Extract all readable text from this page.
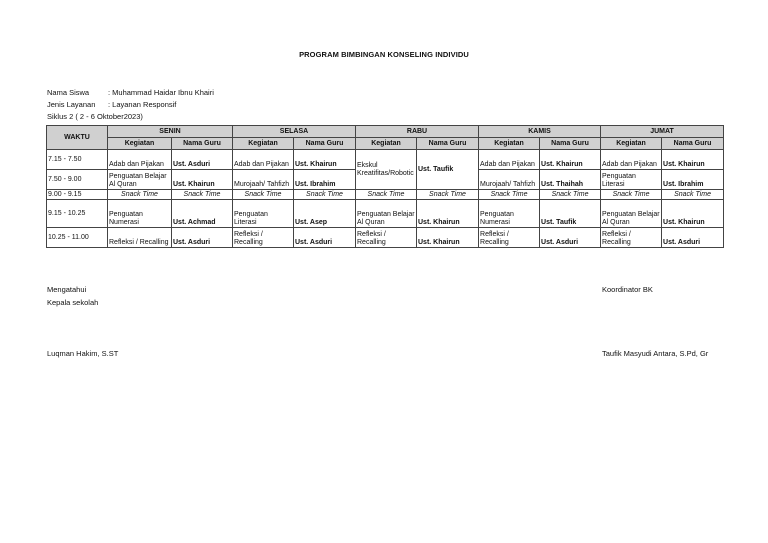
PROGRAM BIMBINGAN KONSELING INDIVIDU
Nama Siswa	: Muhammad Haidar Ibnu Khairi
Jenis Layanan : Layanan Responsif
Siklus 2 ( 2 - 6 Oktober2023)
WAKTU	SENIN		SELASA		RABU		KAMIS		JUMAT	
	Kegiatan	Nama Guru	Kegiatan	Nama Guru	Kegiatan	Nama Guru	Kegiatan	Nama Guru	Kegiatan	Nama Guru
7.15 - 7.50	Adab dan Pijakan	Ust. Asduri	Adab dan Pijakan	Ust. Khairun	Ekskul Kreatifitas/Robotic	Ust. Taufik	Adab dan Pijakan	Ust. Khairun	Adab dan Pijakan	Ust. Khairun
7.50 - 9.00	Penguatan Belajar Al Quran	Ust. Khairun	Murojaah/ Tahfizh	Ust. Ibrahim			Murojaah/ Tahfizh	Ust. Thaihah	Penguatan Literasi	Ust. Ibrahim
9.00 - 9.15	Snack Time	Snack Time	Snack Time	Snack Time	Snack Time	Snack Time	Snack Time	Snack Time	Snack Time	Snack Time
9.15 - 10.25	Penguatan Numerasi	Ust. Achmad	Penguatan Literasi	Ust. Asep	Penguatan Belajar Al Quran	Ust. Khairun	Penguatan Numerasi	Ust. Taufik	Penguatan Belajar Al Quran	Ust. Khairun
10.25 - 11.00	Refleksi / Recalling	Ust. Asduri	Refleksi / Recalling	Ust. Asduri	Refleksi / Recalling	Ust. Khairun	Refleksi / Recalling	Ust. Asduri	Refleksi / Recalling	Ust. Asduri
Mengatahui
Kepala sekolah
Koordinator BK
Luqman Hakim, S.ST	Taufik Masyudi Antara, S.Pd, Gr
